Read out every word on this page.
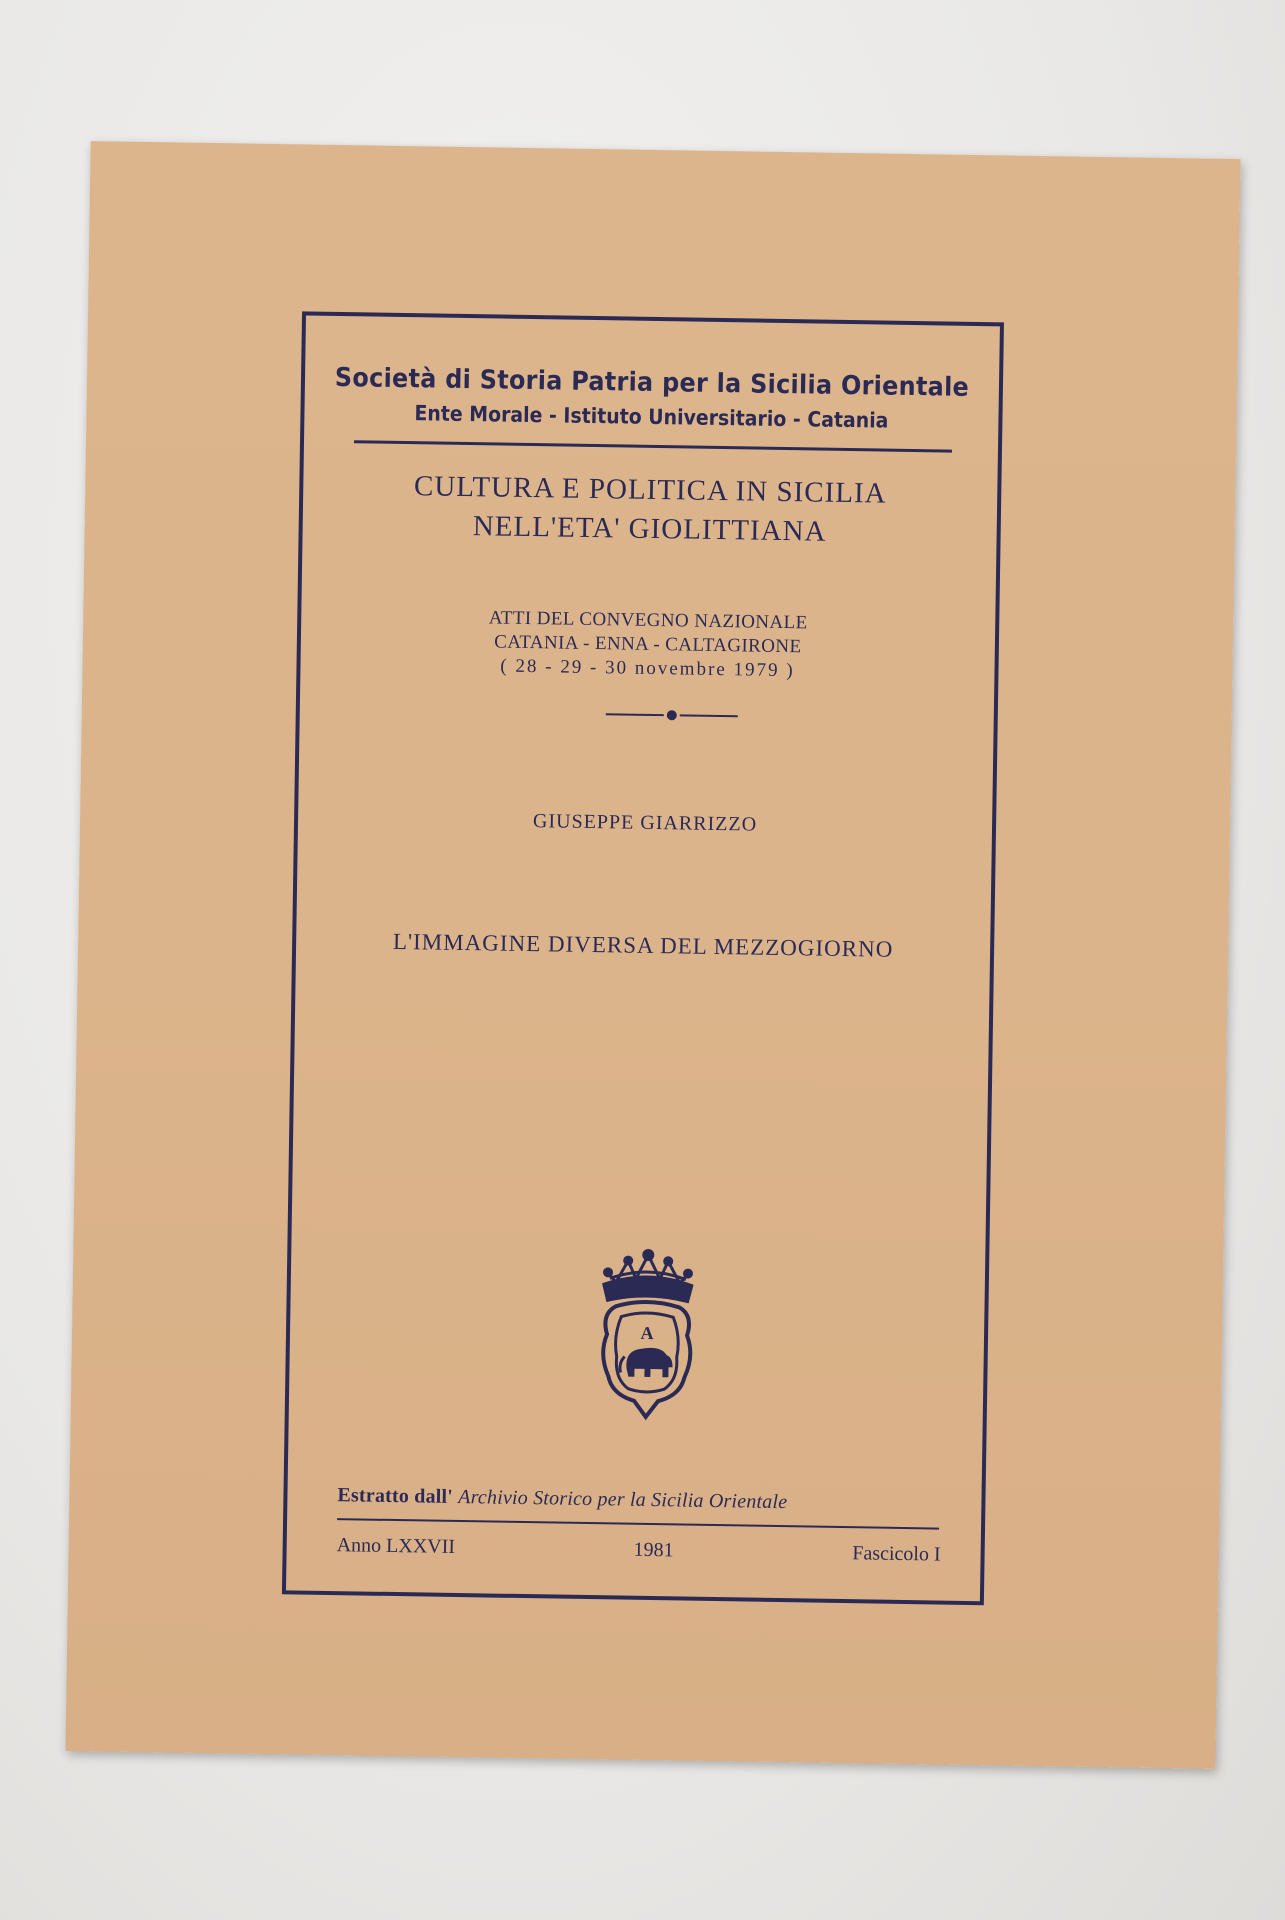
Società di Storia Patria per la Sicilia Orientale
Ente Morale - Istituto Universitario - Catania
CULTURA E POLITICA IN SICILIA
NELL'ETA' GIOLITTIANA
ATTI DEL CONVEGNO NAZIONALE
CATANIA - ENNA - CALTAGIRONE
( 28 - 29 - 30 novembre 1979 )
GIUSEPPE GIARRIZZO
L'IMMAGINE DIVERSA DEL MEZZOGIORNO
A
Estratto dall' Archivio Storico per la Sicilia Orientale
Anno LXXVII	1981	Fascicolo I
